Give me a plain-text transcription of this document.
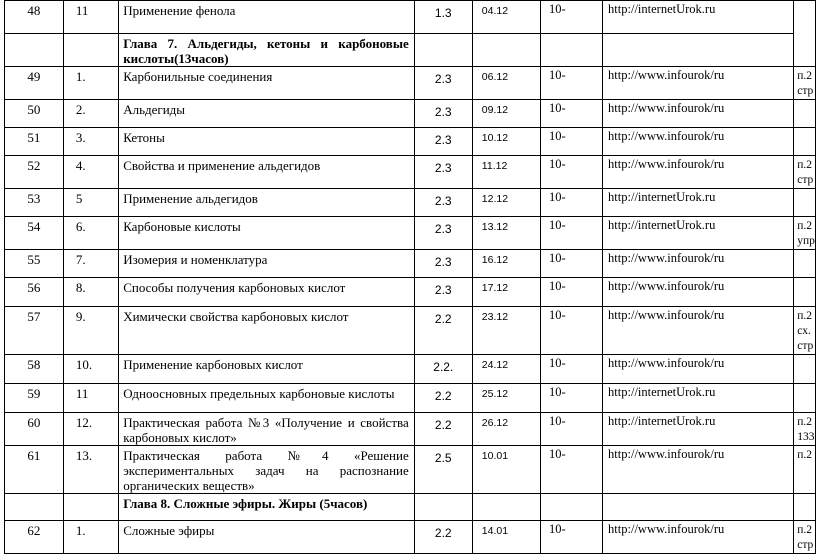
48	11	Применение фенола	1.3	04.12	10-	http://internetUrok.ru	

		Глава 7. Альдегиды, кетоны и карбоновые
кислоты(13часов)					

49	1.	Карбонильные соединения	2.3	06.12	10-	http://www.infourok/ru	п.2
стр

50	2.	Альдегиды	2.3	09.12	10-	http://www.infourok/ru	
51	3.	Кетоны	2.3	10.12	10-	http://www.infourok/ru	
52	4.	Свойства и применение альдегидов	2.3	11.12	10-	http://www.infourok/ru	п.2
стр

53	5	Применение альдегидов	2.3	12.12	10-	http://internetUrok.ru	
54	6.	Карбоновые кислоты	2.3	13.12	10-	http://internetUrok.ru	п.2
упр

55	7.	Изомерия и номенклатура	2.3	16.12	10-	http://www.infourok/ru	
56	8.	Способы получения карбоновых кислот	2.3	17.12	10-	http://www.infourok/ru	
57	9.	Химически свойства карбоновых кислот	2.2	23.12	10-	http://www.infourok/ru	п.2
сх.
стр

58	10.	Применение карбоновых кислот	2.2.	24.12	10-	http://www.infourok/ru	
59	11	Одноосновных предельных карбоновые кислоты	2.2	25.12	10-	http://internetUrok.ru	
60	12.	Практическая работа №3 «Получение и свойства
карбоновых кислот»	2.2	26.12	10-	http://internetUrok.ru	п.2
133

61	13.	Практическая работа №4 «Решение
экспериментальных задач на распознание
органических веществ»	2.5	10.01	10-	http://www.infourok/ru	п.2

		Глава 8. Сложные эфиры. Жиры (5часов)					

62	1.	Сложные эфиры	2.2	14.01	10-	http://www.infourok/ru	п.2
стр
